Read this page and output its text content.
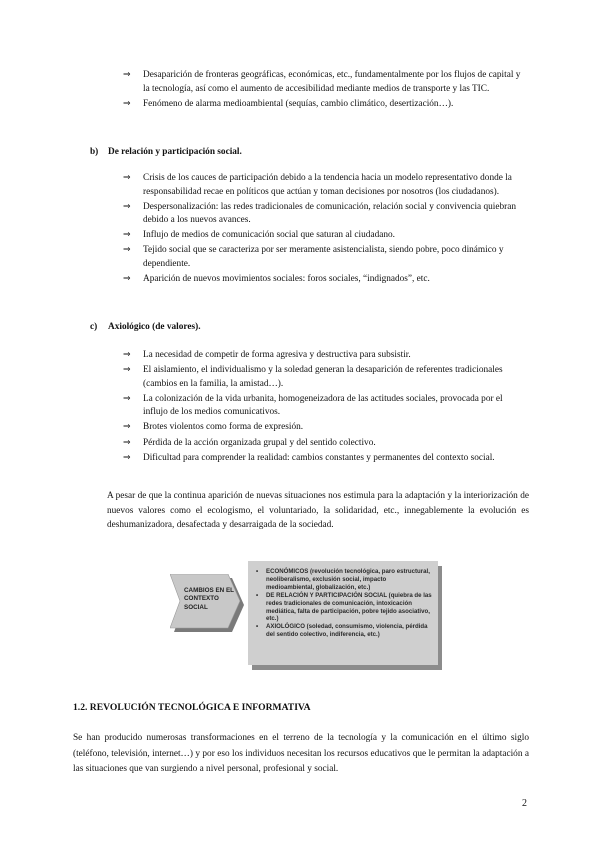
⇒ Desaparición de fronteras geográficas, económicas, etc., fundamentalmente por los flujos de capital y la tecnología, así como el aumento de accesibilidad mediante medios de transporte y las TIC.
⇒ Fenómeno de alarma medioambiental (sequías, cambio climático, desertización…).
b) De relación y participación social.
⇒ Crisis de los cauces de participación debido a la tendencia hacia un modelo representativo donde la responsabilidad recae en políticos que actúan y toman decisiones por nosotros (los ciudadanos).
⇒ Despersonalización: las redes tradicionales de comunicación, relación social y convivencia quiebran debido a los nuevos avances.
⇒ Influjo de medios de comunicación social que saturan al ciudadano.
⇒ Tejido social que se caracteriza por ser meramente asistencialista, siendo pobre, poco dinámico y dependiente.
⇒ Aparición de nuevos movimientos sociales: foros sociales, “indignados”, etc.
c) Axiológico (de valores).
⇒ La necesidad de competir de forma agresiva y destructiva para subsistir.
⇒ El aislamiento, el individualismo y la soledad generan la desaparición de referentes tradicionales (cambios en la familia, la amistad…).
⇒ La colonización de la vida urbanita, homogeneizadora de las actitudes sociales, provocada por el influjo de los medios comunicativos.
⇒ Brotes violentos como forma de expresión.
⇒ Pérdida de la acción organizada grupal y del sentido colectivo.
⇒ Dificultad para comprender la realidad: cambios constantes y permanentes del contexto social.

A pesar de que la continua aparición de nuevas situaciones nos estimula para la adaptación y la interiorización de nuevos valores como el ecologismo, el voluntariado, la solidaridad, etc., innegablemente la evolución es deshumanizadora, desafectada y desarraigada de la sociedad.

CAMBIOS EN EL CONTEXTO SOCIAL
• ECONÓMICOS (revolución tecnológica, paro estructural, neoliberalismo, exclusión social, impacto medioambiental, globalización, etc.)
• DE RELACIÓN Y PARTICIPACIÓN SOCIAL (quiebra de las redes tradicionales de comunicación, intoxicación mediática, falta de participación, pobre tejido asociativo, etc.)
• AXIOLÓGICO (soledad, consumismo, violencia, pérdida del sentido colectivo, indiferencia, etc.)
1.2. REVOLUCIÓN TECNOLÓGICA E INFORMATIVA

Se han producido numerosas transformaciones en el terreno de la tecnología y la comunicación en el último siglo (teléfono, televisión, internet…) y por eso los individuos necesitan los recursos educativos que le permitan la adaptación a las situaciones que van surgiendo a nivel personal, profesional y social.

2
